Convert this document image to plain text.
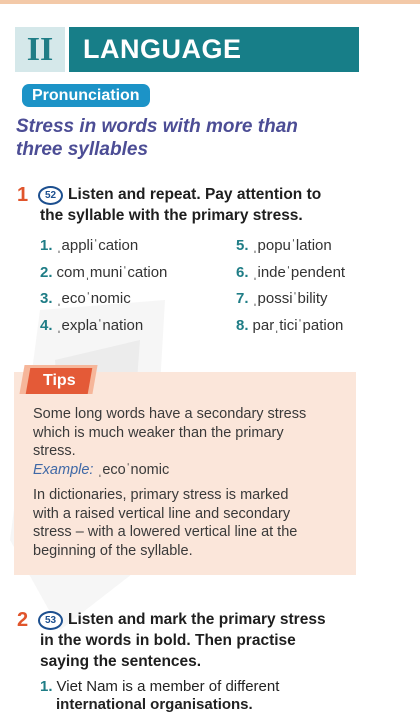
II	LANGUAGE
Pronunciation
Stress in words with more than
three syllables
1	52 Listen and repeat. Pay attention to
the syllable with the primary stress.
1. ˌappliˈcation
2. comˌmuniˈcation
3. ˌecoˈnomic
4. ˌexplaˈnation
5. ˌpopuˈlation
6. ˌindeˈpendent
7. ˌpossiˈbility
8. parˌticiˈpation
Tips
Some long words have a secondary stress
which is much weaker than the primary
stress.
Example: ˌecoˈnomic
In dictionaries, primary stress is marked
with a raised vertical line and secondary
stress – with a lowered vertical line at the
beginning of the syllable.
2	53 Listen and mark the primary stress
in the words in bold. Then practise
saying the sentences.
1. Viet Nam is a member of different
international organisations.
